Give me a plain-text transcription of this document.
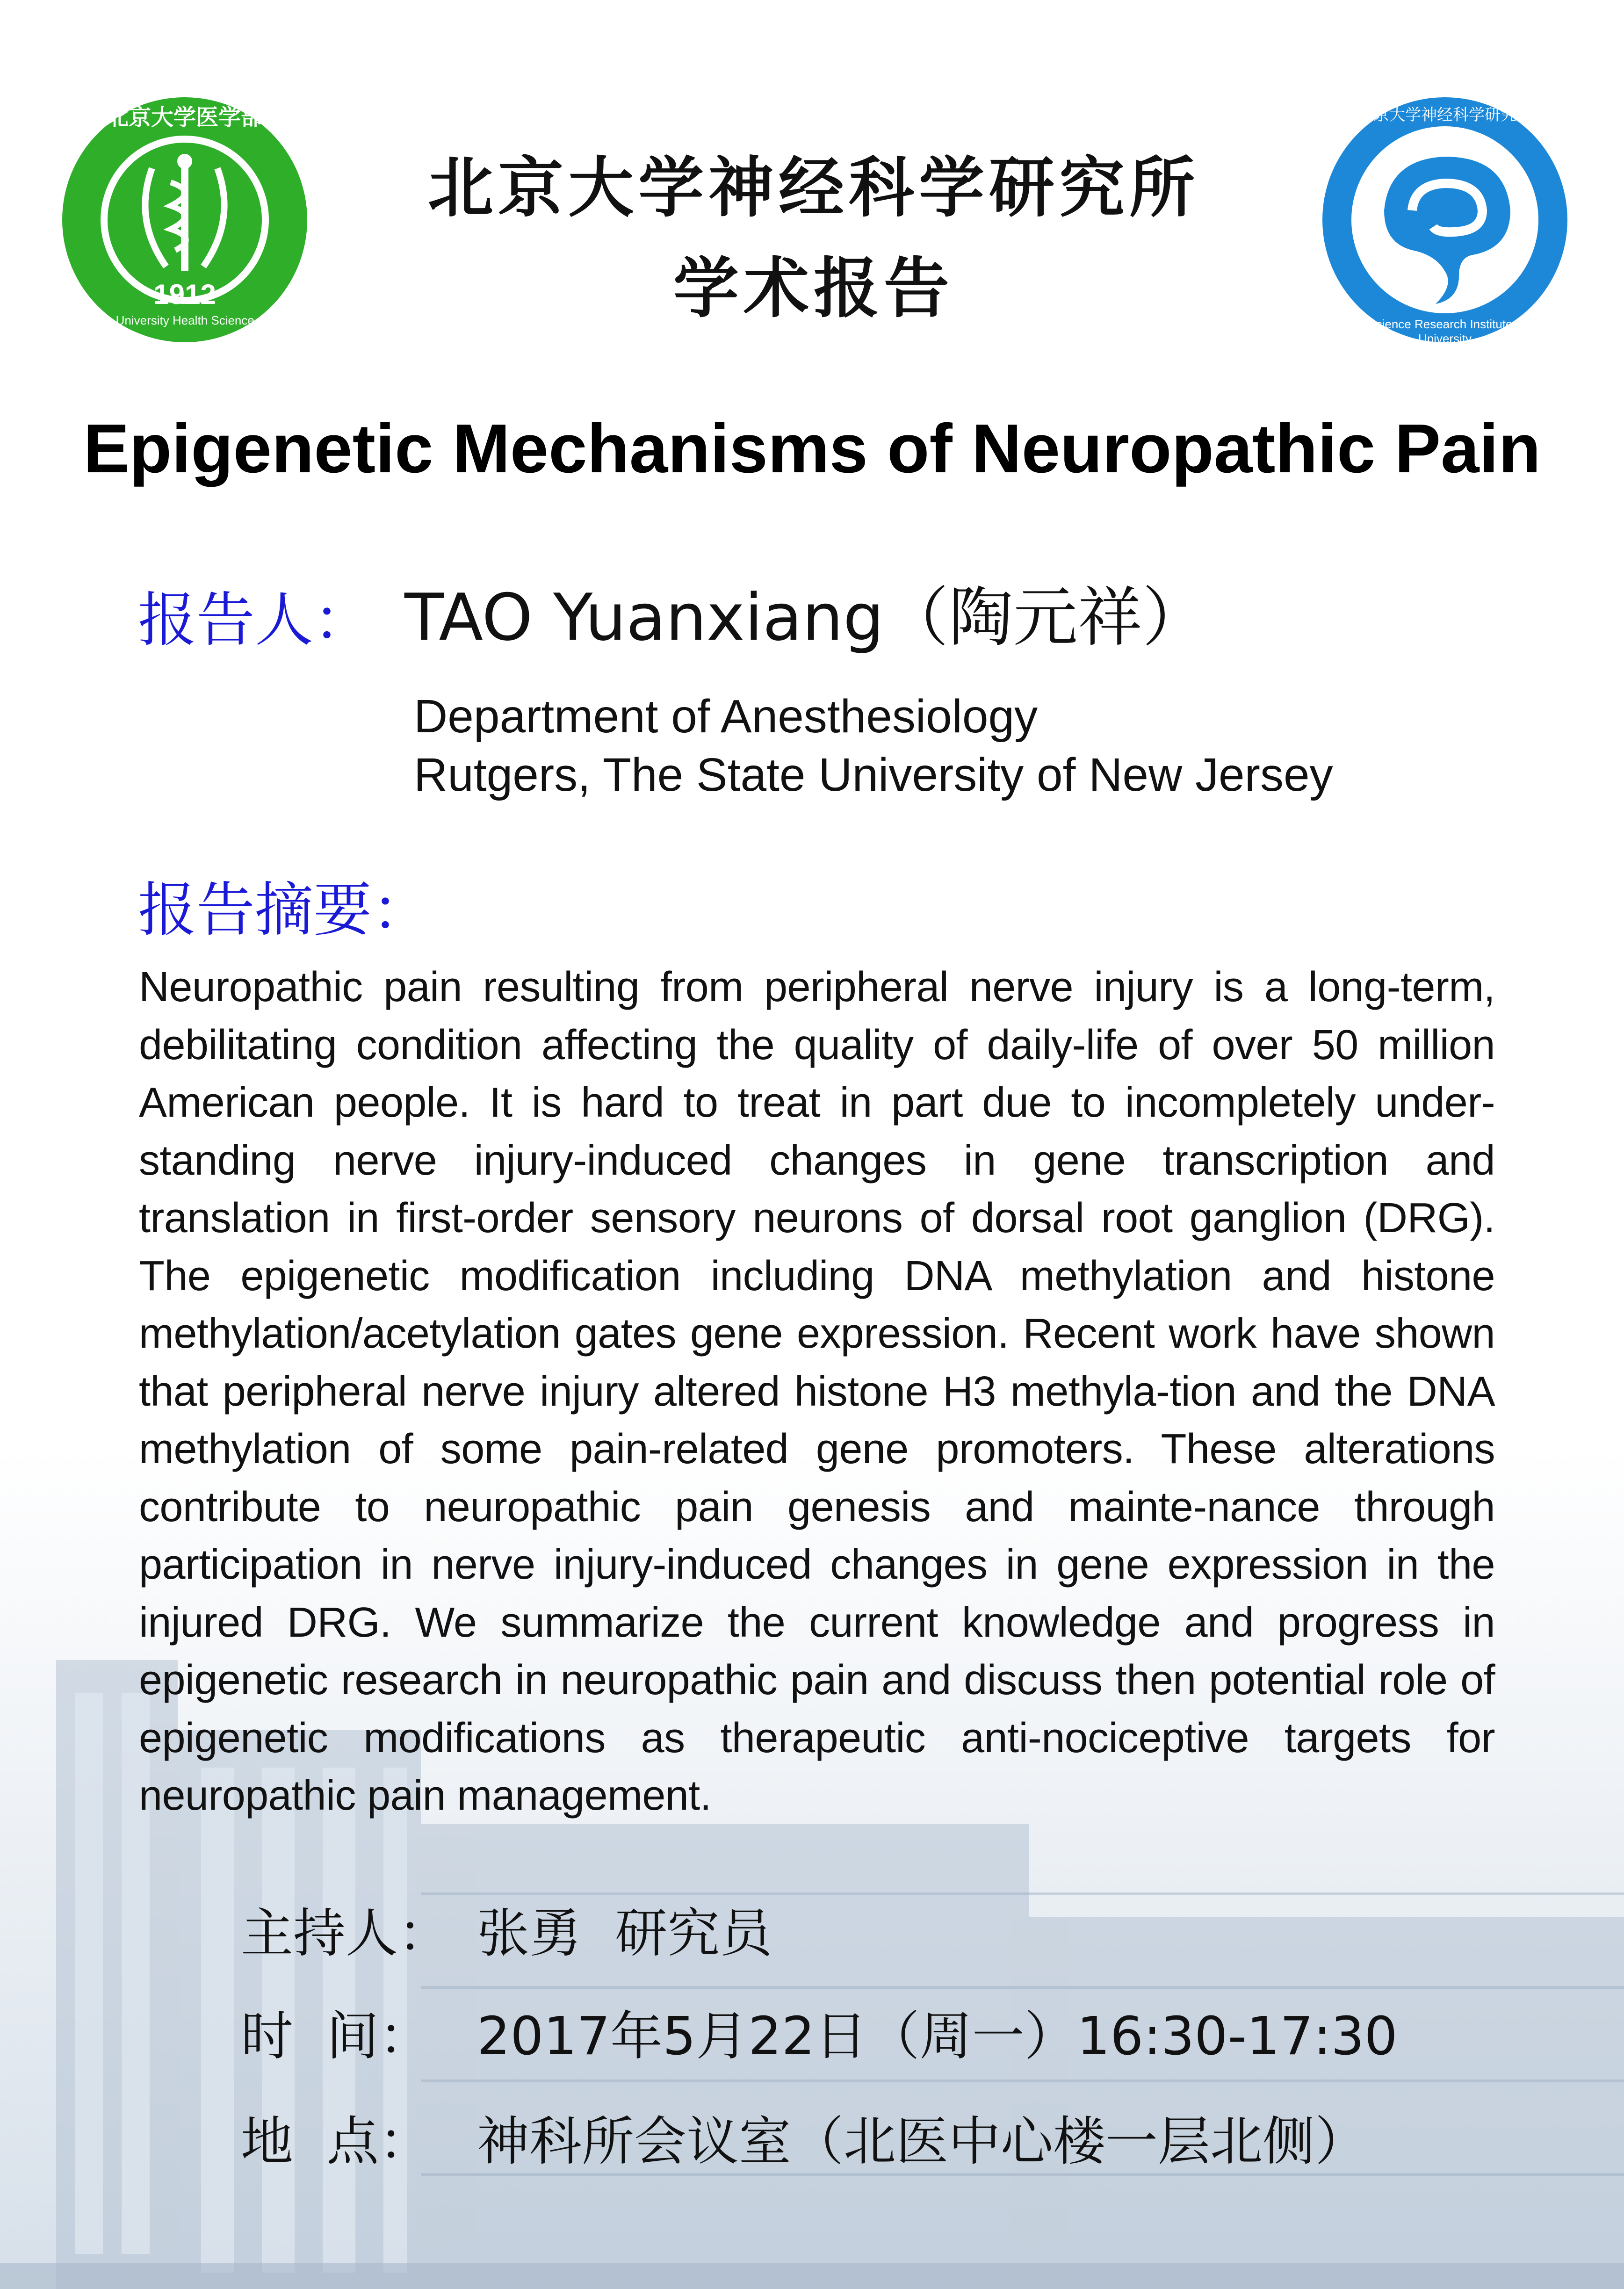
1912
北京大学医学部
Peking University Health Science Center
北京大学神经科学研究所
Neuroscience Research Institute Peking University
北京大学神经科学研究所
学术报告
Epigenetic Mechanisms of Neuropathic Pain
报告人： TAO Yuanxiang（陶元祥）
Department of Anesthesiology
Rutgers, The State University of New Jersey
报告摘要：
Neuropathic pain resulting from peripheral nerve injury is a long-term, debilitating condition affecting the quality of daily-life of over 50 million American people. It is hard to treat in part due to incompletely under-standing nerve injury-induced changes in gene transcription and translation in first-order sensory neurons of dorsal root ganglion (DRG). The epigenetic modification including DNA methylation and histone methylation/acetylation gates gene expression. Recent work have shown that peripheral nerve injury altered histone H3 methyla-tion and the DNA methylation of some pain-related gene promoters. These alterations contribute to neuropathic pain genesis and mainte-nance through participation in nerve injury-induced changes in gene expression in the injured DRG. We summarize the current knowledge and progress in epigenetic research in neuropathic pain and discuss then potential role of epigenetic modifications as therapeutic anti-nociceptive targets for neuropathic pain management.
主持人： 张勇  研究员
时  间： 2017年5月22日（周一）16:30-17:30
地  点： 神科所会议室（北医中心楼一层北侧）
